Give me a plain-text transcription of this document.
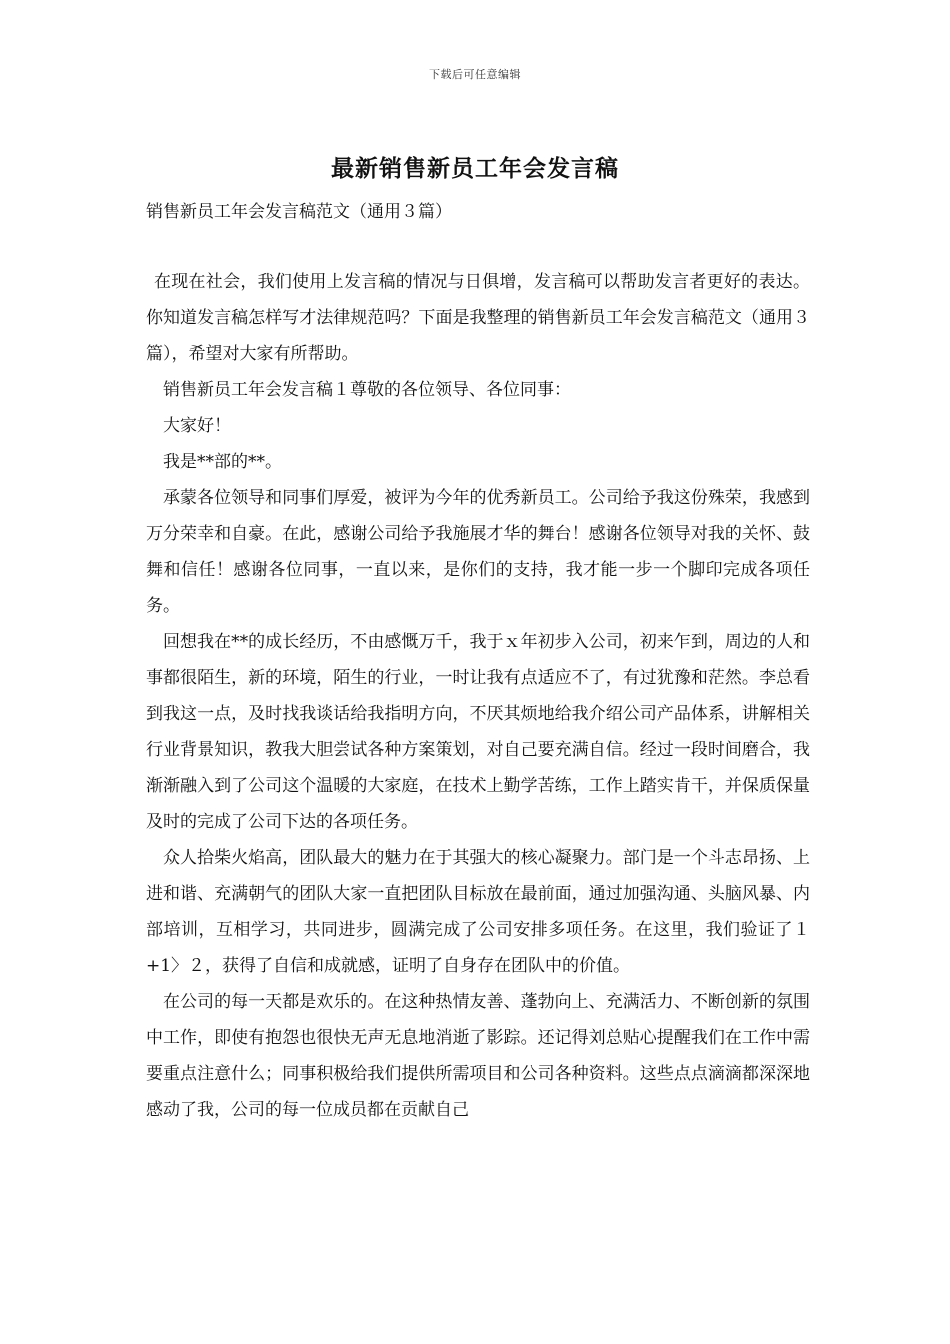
下载后可任意编辑
最新销售新员工年会发言稿
销售新员工年会发言稿范文（通用３篇）

在现在社会，我们使用上发言稿的情况与日俱增，发言稿可以帮助发言者更好的表达。你知道发言稿怎样写才法律规范吗？下面是我整理的销售新员工年会发言稿范文（通用３篇），希望对大家有所帮助。

销售新员工年会发言稿１尊敬的各位领导、各位同事：

大家好！

我是**部的**。

承蒙各位领导和同事们厚爱，被评为今年的优秀新员工。公司给予我这份殊荣，我感到万分荣幸和自豪。在此，感谢公司给予我施展才华的舞台！感谢各位领导对我的关怀、鼓舞和信任！感谢各位同事，一直以来，是你们的支持，我才能一步一个脚印完成各项任务。

回想我在**的成长经历，不由感慨万千，我于ｘ年初步入公司，初来乍到，周边的人和事都很陌生，新的环境，陌生的行业，一时让我有点适应不了，有过犹豫和茫然。李总看到我这一点，及时找我谈话给我指明方向，不厌其烦地给我介绍公司产品体系，讲解相关行业背景知识，教我大胆尝试各种方案策划，对自己要充满自信。经过一段时间磨合，我渐渐融入到了公司这个温暖的大家庭，在技术上勤学苦练，工作上踏实肯干，并保质保量及时的完成了公司下达的各项任务。

众人拾柴火焰高，团队最大的魅力在于其强大的核心凝聚力。部门是一个斗志昂扬、上进和谐、充满朝气的团队大家一直把团队目标放在最前面，通过加强沟通、头脑风暴、内部培训，互相学习，共同进步，圆满完成了公司安排多项任务。在这里，我们验证了１+1〉２，获得了自信和成就感，证明了自身存在团队中的价值。

在公司的每一天都是欢乐的。在这种热情友善、蓬勃向上、充满活力、不断创新的氛围中工作，即使有抱怨也很快无声无息地消逝了影踪。还记得刘总贴心提醒我们在工作中需要重点注意什么；同事积极给我们提供所需项目和公司各种资料。这些点点滴滴都深深地感动了我，公司的每一位成员都在贡献自己
